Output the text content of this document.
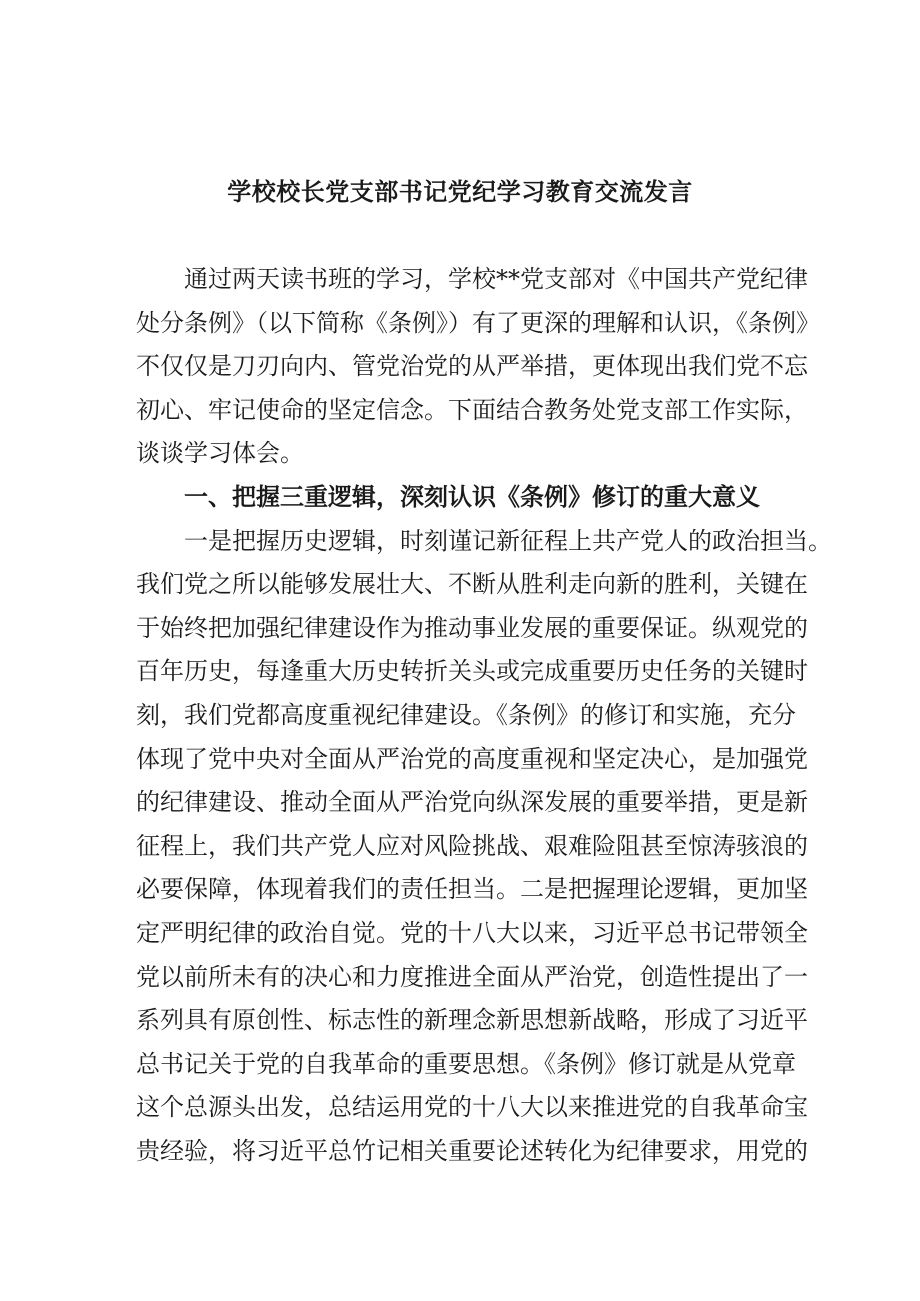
学校校长党支部书记党纪学习教育交流发言
通过两天读书班的学习，学校**党支部对《中国共产党纪律
处分条例》（以下简称《条例》）有了更深的理解和认识，《条例》
不仅仅是刀刃向内、管党治党的从严举措，更体现出我们党不忘
初心、牢记使命的坚定信念。下面结合教务处党支部工作实际，
谈谈学习体会。
一、把握三重逻辑，深刻认识《条例》修订的重大意义
一是把握历史逻辑，时刻谨记新征程上共产党人的政治担当。
我们党之所以能够发展壮大、不断从胜利走向新的胜利，关键在
于始终把加强纪律建设作为推动事业发展的重要保证。纵观党的
百年历史，每逢重大历史转折关头或完成重要历史任务的关键时
刻，我们党都高度重视纪律建设。《条例》的修订和实施，充分
体现了党中央对全面从严治党的高度重视和坚定决心，是加强党
的纪律建设、推动全面从严治党向纵深发展的重要举措，更是新
征程上，我们共产党人应对风险挑战、艰难险阻甚至惊涛骇浪的
必要保障，体现着我们的责任担当。二是把握理论逻辑，更加坚
定严明纪律的政治自觉。党的十八大以来，习近平总书记带领全
党以前所未有的决心和力度推进全面从严治党，创造性提出了一
系列具有原创性、标志性的新理念新思想新战略，形成了习近平
总书记关于党的自我革命的重要思想。《条例》修订就是从党章
这个总源头出发，总结运用党的十八大以来推进党的自我革命宝
贵经验，将习近平总竹记相关重要论述转化为纪律要求，用党的
